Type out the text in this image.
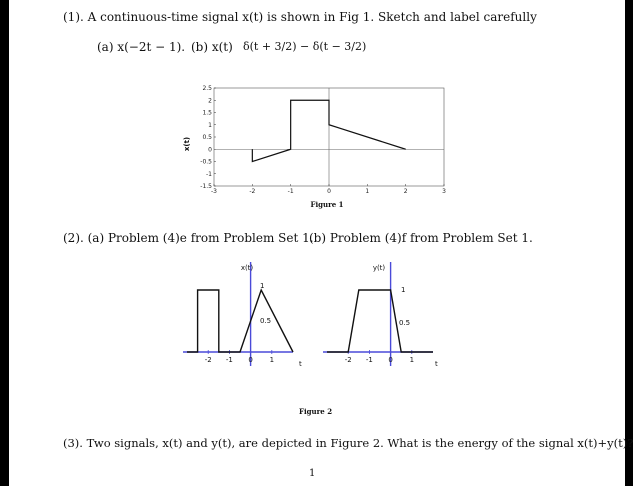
(1). A continuous-time signal x(t) is shown in Fig 1. Sketch and label carefully
(a) x(−2t − 1). (b) x(t) δ(t + 3/2) − δ(t − 3/2)
-3	-2	-1	0	1	2	3
-1.5
-1
-0.5
0
0.5
1
1.5
2
2.5
x(t)
Figure 1
(2). (a) Problem (4)e from Problem Set 1.
(b) Problem (4)f from Problem Set 1.
-2 -1 0 1
x(t)
1
0.5
t	-2 -1 0 1
y(t)
1
0.5
t
Figure 2
(3). Two signals, x(t) and y(t), are depicted in Figure 2. What is the energy of the signal x(t)+y(t)?
1
